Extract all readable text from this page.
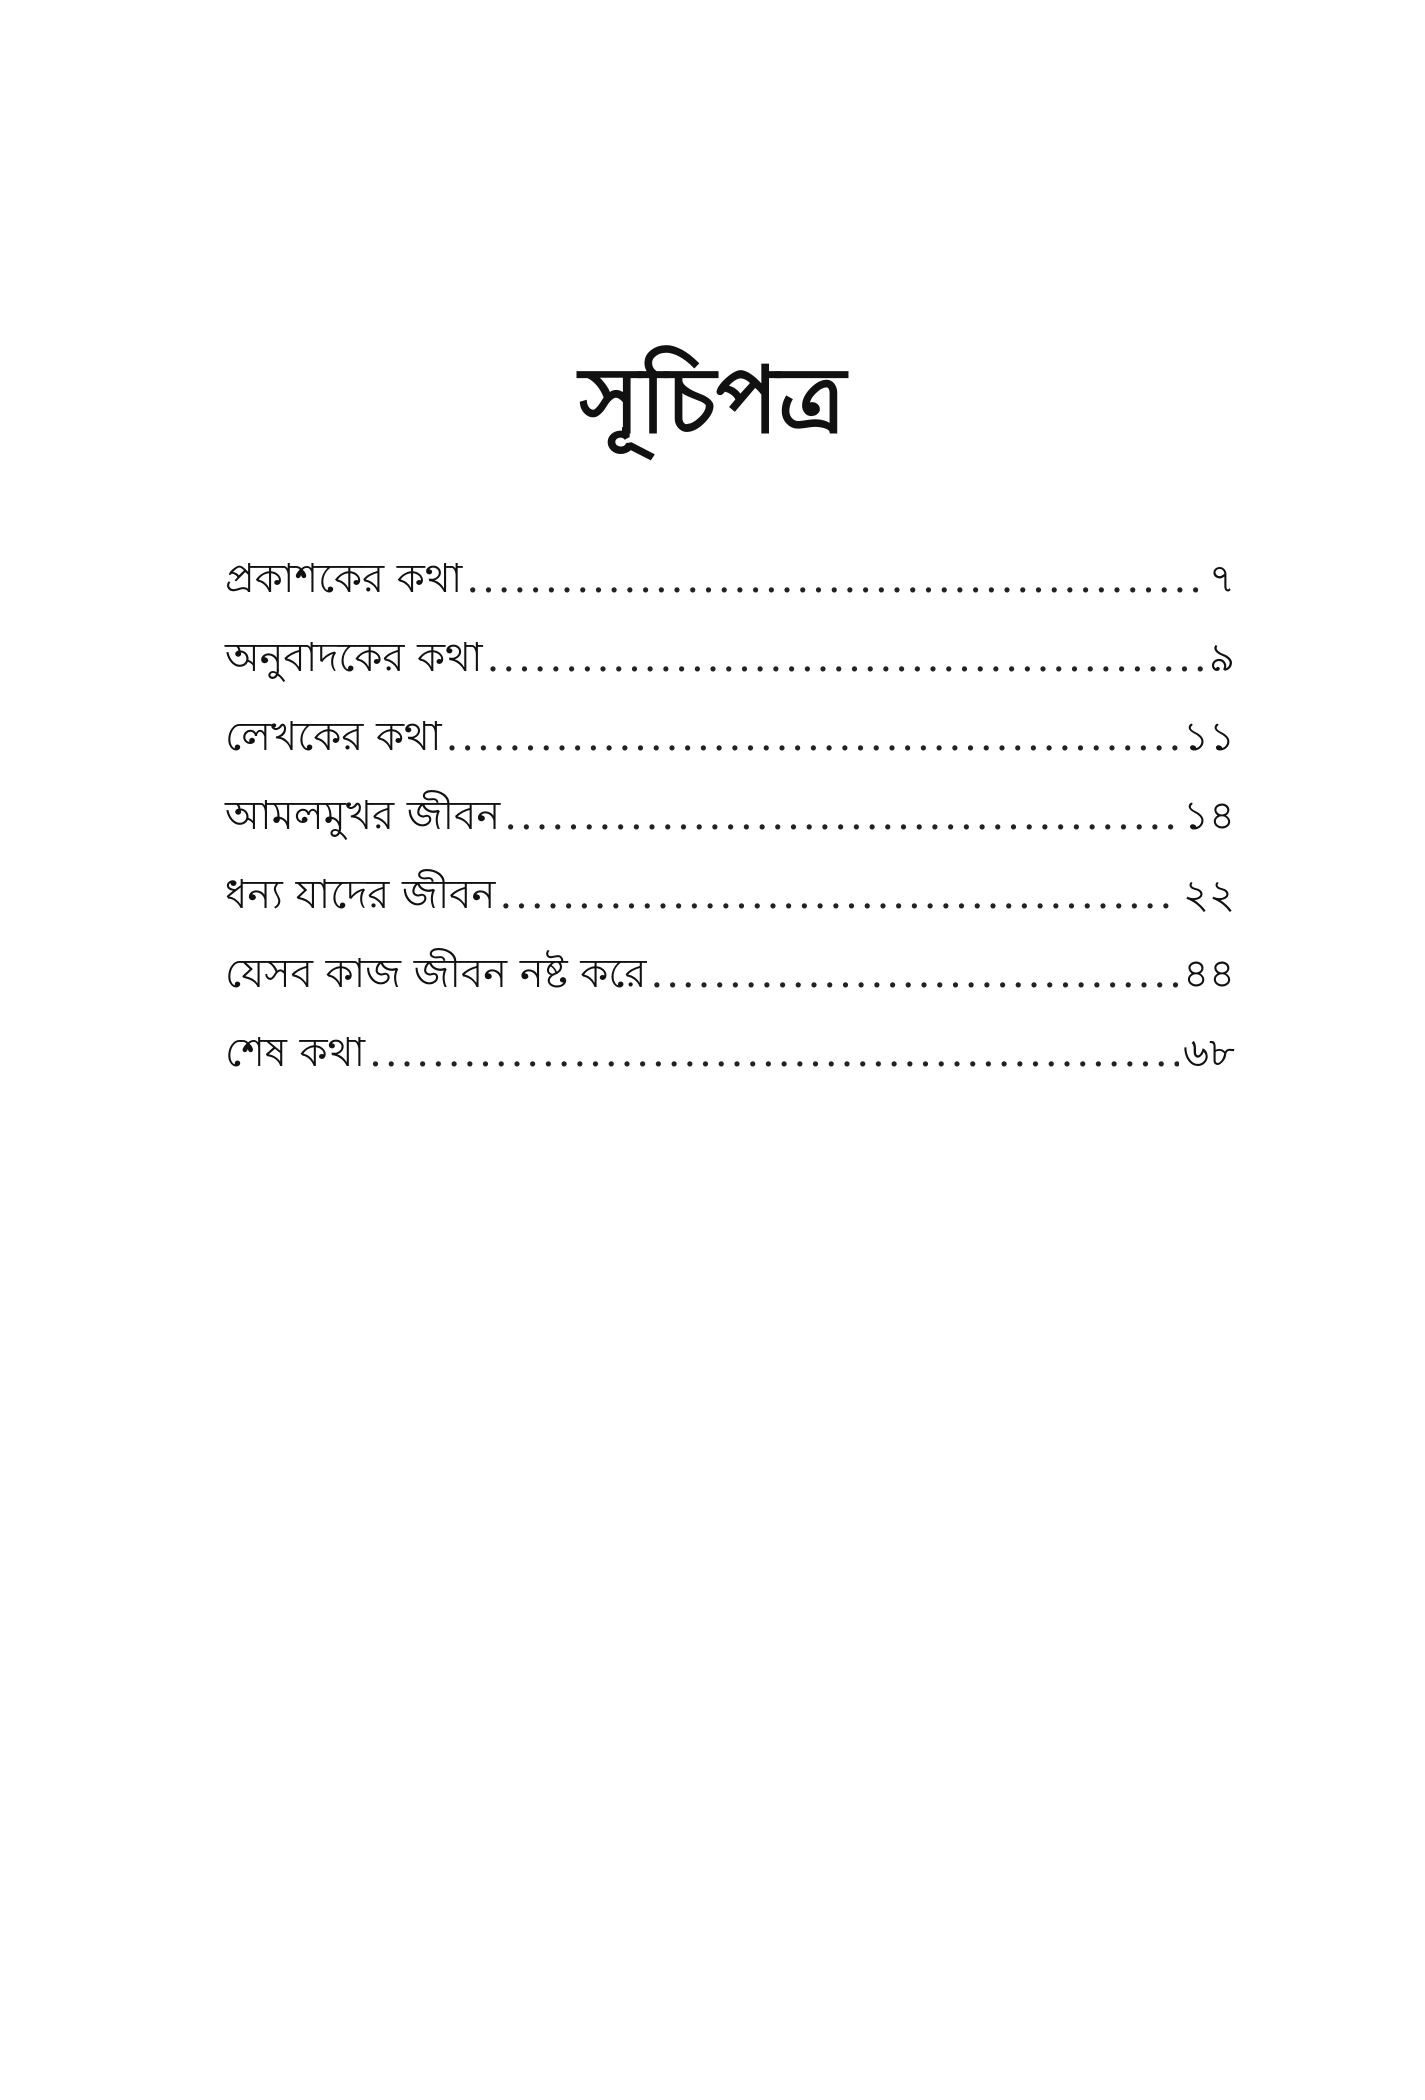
সূচিপত্র
প্রকাশকের কথা .....	৭
অনুবাদকের কথা .....	৯
লেখকের কথা .....	১১
আমলমুখর জীবন .....	১৪
ধন্য যাদের জীবন .....	২২
যেসব কাজ জীবন নষ্ট করে .....	৪৪
শেষ কথা .....	৬৮
